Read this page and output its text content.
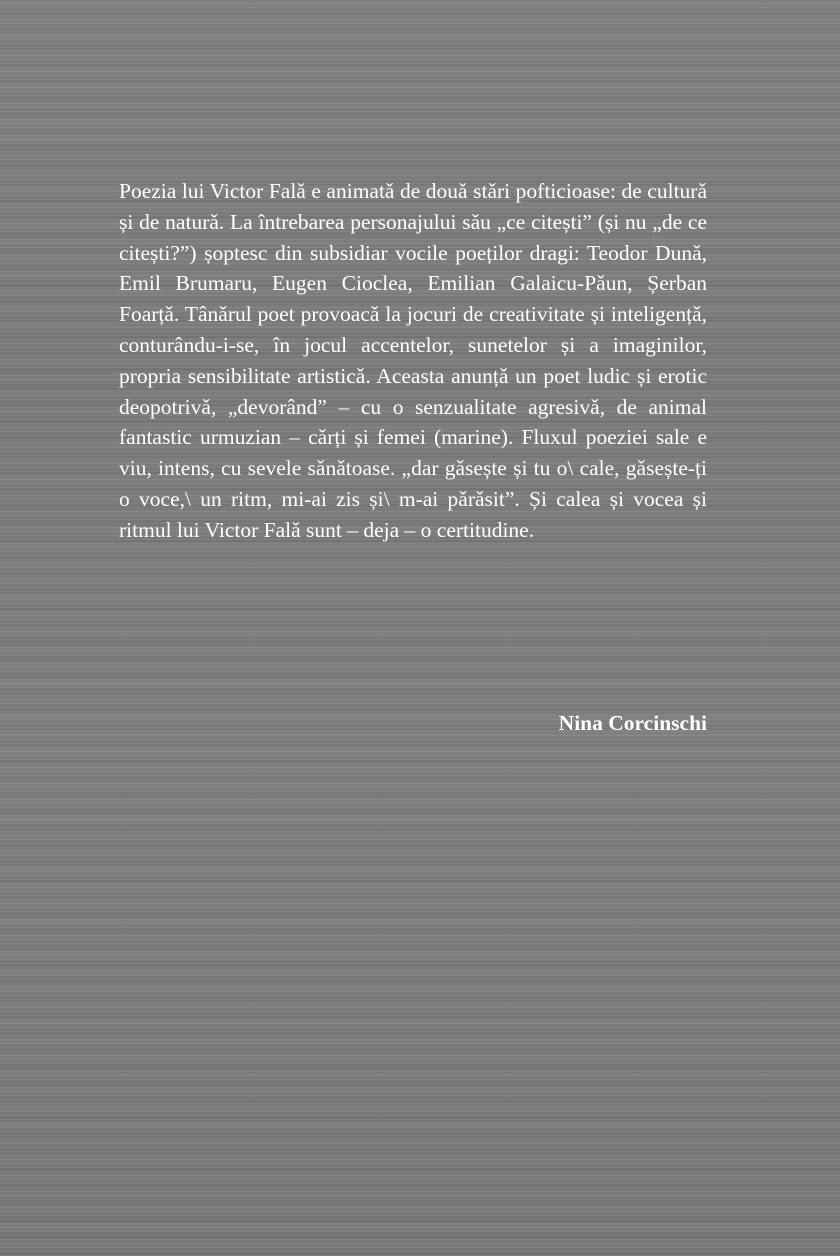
Poezia lui Victor Falǎ e animatǎ de douǎ stǎri pofticioase: de culturǎ și de naturǎ. La întrebarea personajului sǎu „ce citești” (și nu „de ce citești?”) șoptesc din subsidiar vocile poeților dragi: Teodor Dunǎ, Emil Brumaru, Eugen Cioclea, Emilian Galaicu-Pǎun, Șerban Foarțǎ. Tânǎrul poet provoacǎ la jocuri de creativitate și inteligențǎ, conturându-i-se, în jocul accentelor, sunetelor și a imaginilor, propria sensibilitate artisticǎ. Aceasta anunțǎ un poet ludic și erotic deopotrivǎ, „devorând” – cu o senzualitate agresivǎ, de animal fantastic urmuzian – cǎrți și femei (marine). Fluxul poeziei sale e viu, intens, cu sevele sǎnǎtoase. „dar gǎsește și tu o\ cale, gǎsește-ți o voce,\ un ritm, mi-ai zis și\ m-ai pǎrǎsit”. Și calea și vocea și ritmul lui Victor Falǎ sunt – deja – o certitudine.

Nina Corcinschi
